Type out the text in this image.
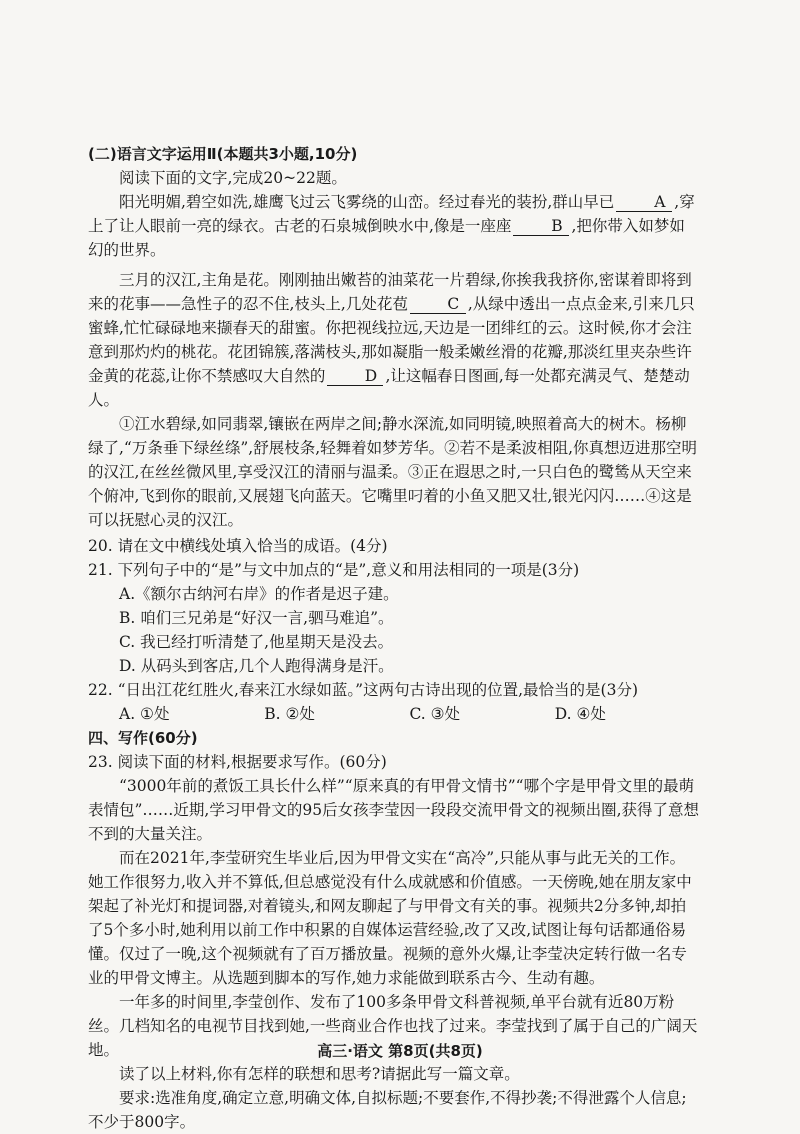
(二)语言文字运用Ⅱ(本题共3小题,10分)

阅读下面的文字,完成20~22题。

阳光明媚,碧空如洗,雄鹰飞过云飞雾绕的山峦。经过春光的装扮,群山早已	A ,穿上了让人眼前一亮的绿衣。古老的石泉城倒映水中,像是一座座	B ,把你带入如梦如幻的世界。

三月的汉江,主角是花。刚刚抽出嫩苔的油菜花一片碧绿,你挨我我挤你,密谋着即将到来的花事——急性子的忍不住,枝头上,几处花苞	C ,从绿中透出一点点金来,引来几只蜜蜂,忙忙碌碌地来撷春天的甜蜜。你把视线拉远,天边是一团绯红的云。这时候,你才会注意到那灼灼的桃花。花团锦簇,落满枝头,那如凝脂一般柔嫩丝滑的花瓣,那淡红里夹杂些许金黄的花蕊,让你不禁感叹大自然的	D ,让这幅春日图画,每一处都充满灵气、楚楚动人。

①江水碧绿,如同翡翠,镶嵌在两岸之间;静水深流,如同明镜,映照着高大的树木。杨柳绿了,“万条垂下绿丝绦”,舒展枝条,轻舞着如梦芳华。②若不是柔波相阻,你真想迈进那空明的汉江,在丝丝微风里,享受汉江的清丽与温柔。③正在遐思之时,一只白色的鹭鸶从天空来个俯冲,飞到你的眼前,又展翅飞向蓝天。它嘴里叼着的小鱼又肥又壮,银光闪闪……④这是可以抚慰心灵的汉江。

20. 请在文中横线处填入恰当的成语。(4分)

21. 下列句子中的“是”与文中加点的“是”,意义和用法相同的一项是(3分)

A.《额尔古纳河右岸》的作者是迟子建。

B. 咱们三兄弟是“好汉一言,驷马难追”。

C. 我已经打听清楚了,他星期天是没去。

D. 从码头到客店,几个人跑得满身是汗。

22. “日出江花红胜火,春来江水绿如蓝。”这两句古诗出现的位置,最恰当的是(3分)

A. ①处	B. ②处	C. ③处	D. ④处

四、写作(60分)

23. 阅读下面的材料,根据要求写作。(60分)

“3000年前的煮饭工具长什么样”“原来真的有甲骨文情书”“哪个字是甲骨文里的最萌表情包”……近期,学习甲骨文的95后女孩李莹因一段段交流甲骨文的视频出圈,获得了意想不到的大量关注。

而在2021年,李莹研究生毕业后,因为甲骨文实在“高冷”,只能从事与此无关的工作。她工作很努力,收入并不算低,但总感觉没有什么成就感和价值感。一天傍晚,她在朋友家中架起了补光灯和提词器,对着镜头,和网友聊起了与甲骨文有关的事。视频共2分多钟,却拍了5个多小时,她利用以前工作中积累的自媒体运营经验,改了又改,试图让每句话都通俗易懂。仅过了一晚,这个视频就有了百万播放量。视频的意外火爆,让李莹决定转行做一名专业的甲骨文博主。从选题到脚本的写作,她力求能做到联系古今、生动有趣。

一年多的时间里,李莹创作、发布了100多条甲骨文科普视频,单平台就有近80万粉丝。几档知名的电视节目找到她,一些商业合作也找了过来。李莹找到了属于自己的广阔天地。

读了以上材料,你有怎样的联想和思考?请据此写一篇文章。

要求:选准角度,确定立意,明确文体,自拟标题;不要套作,不得抄袭;不得泄露个人信息;不少于800字。

高三·语文 第8页(共8页)
